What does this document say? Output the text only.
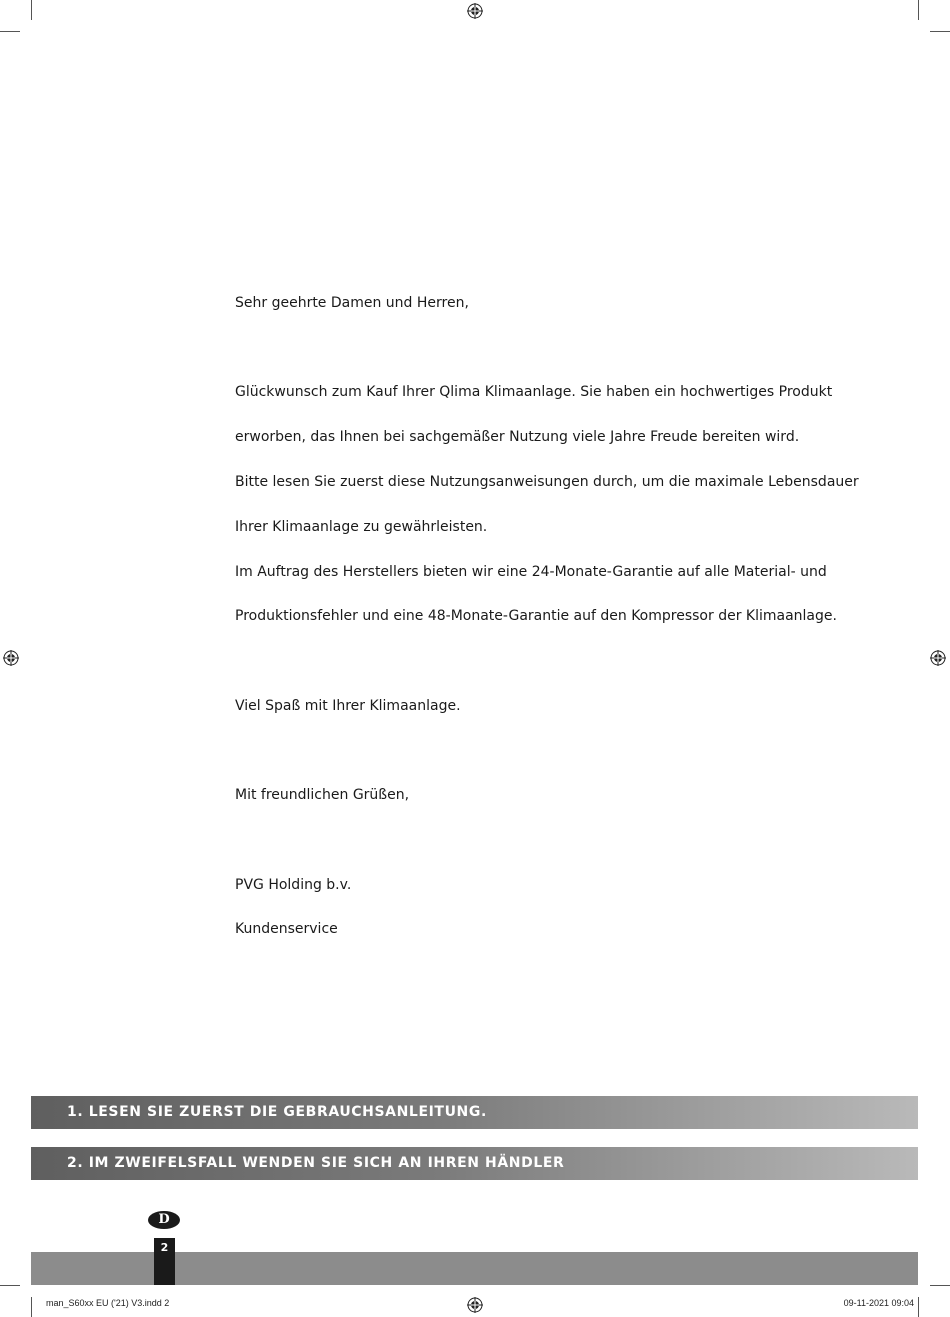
Sehr geehrte Damen und Herren,
Glückwunsch zum Kauf Ihrer Qlima Klimaanlage. Sie haben ein hochwertiges Produkt
erworben, das Ihnen bei sachgemäßer Nutzung viele Jahre Freude bereiten wird.
Bitte lesen Sie zuerst diese Nutzungsanweisungen durch, um die maximale Lebensdauer
Ihrer Klimaanlage zu gewährleisten.
Im Auftrag des Herstellers bieten wir eine 24-Monate-Garantie auf alle Material- und
Produktionsfehler und eine 48-Monate-Garantie auf den Kompressor der Klimaanlage.
Viel Spaß mit Ihrer Klimaanlage.
Mit freundlichen Grüßen,
PVG Holding b.v.
Kundenservice
1. LESEN SIE ZUERST DIE GEBRAUCHSANLEITUNG.
2. IM ZWEIFELSFALL WENDEN SIE SICH AN IHREN HÄNDLER
D
2
man_S60xx EU ('21) V3.indd 2	09-11-2021 09:04
